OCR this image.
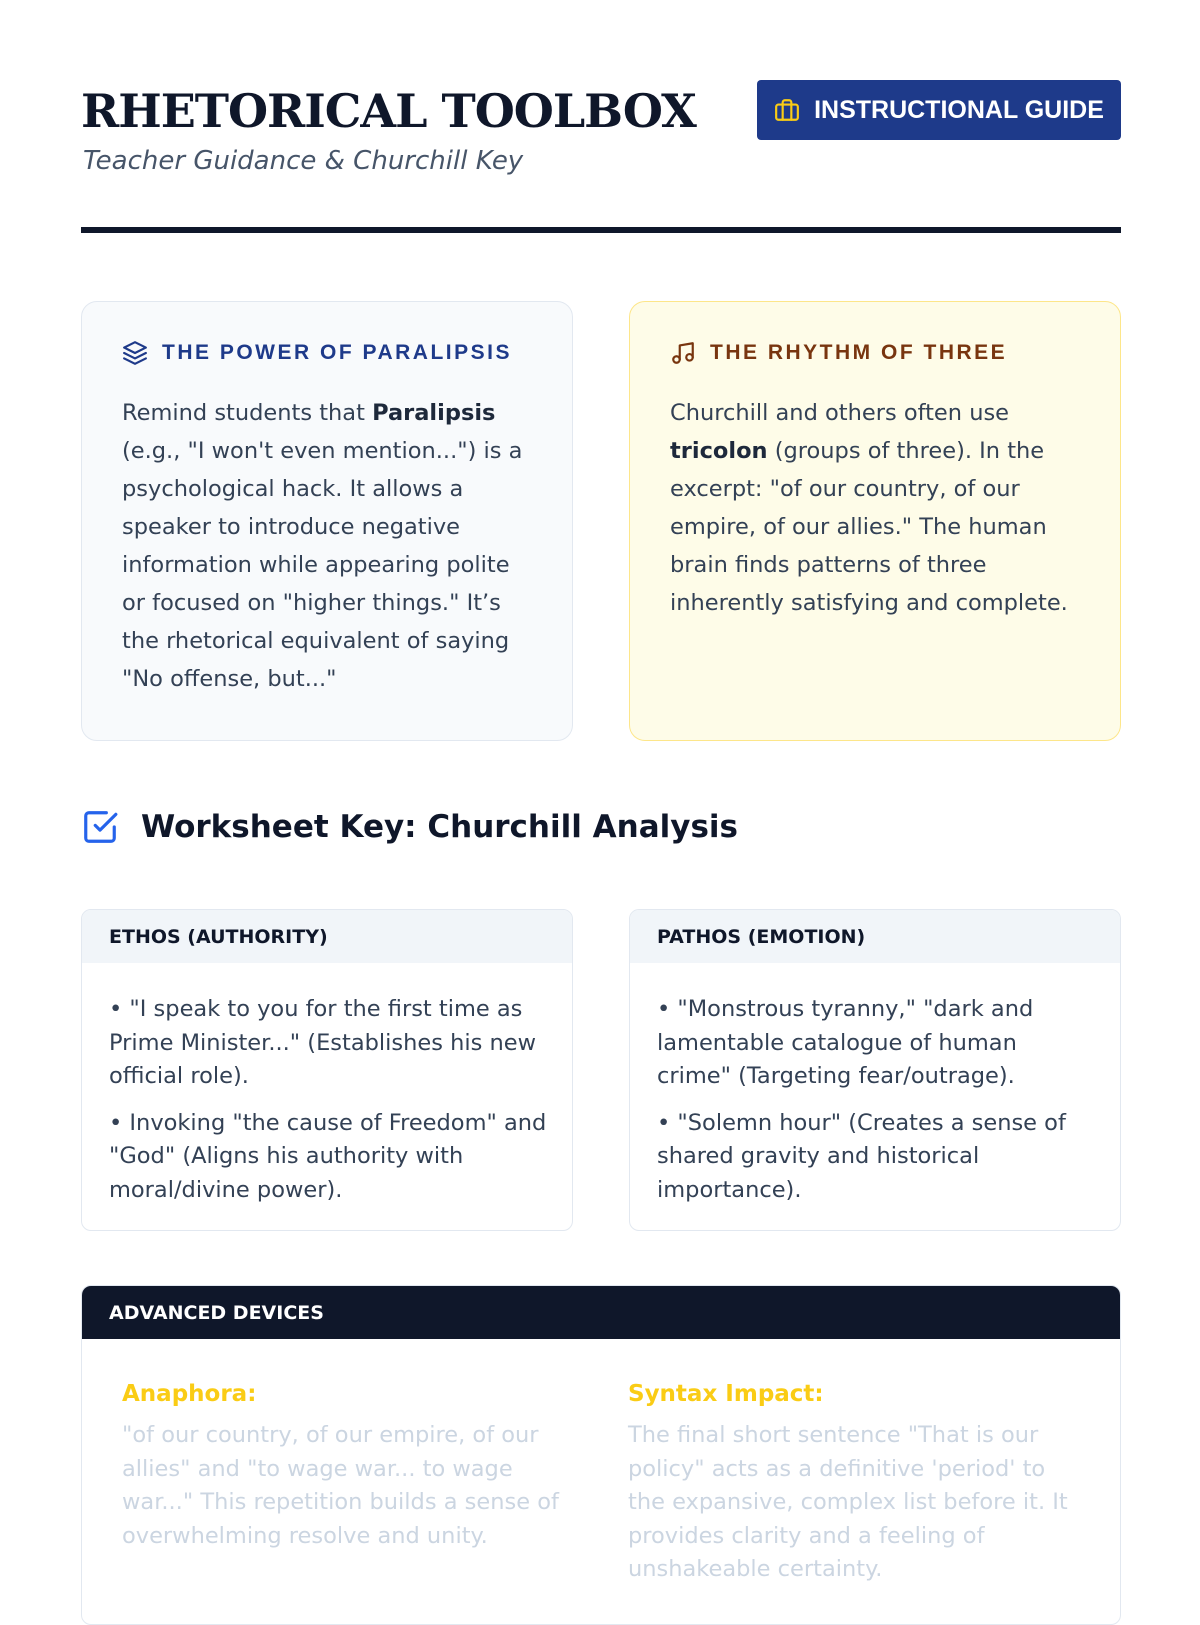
RHETORICAL TOOLBOX
Teacher Guidance & Churchill Key
INSTRUCTIONAL GUIDE
THE POWER OF PARALIPSIS

Remind students that Paralipsis (e.g., "I won't even mention...") is a psychological hack. It allows a speaker to introduce negative information while appearing polite or focused on "higher things." It’s the rhetorical equivalent of saying "No offense, but..."

THE RHYTHM OF THREE

Churchill and others often use tricolon (groups of three). In the excerpt: "of our country, of our empire, of our allies." The human brain finds patterns of three inherently satisfying and complete.

Worksheet Key: Churchill Analysis
ETHOS (AUTHORITY)
• "I speak to you for the first time as Prime Minister..." (Establishes his new official role).
• Invoking "the cause of Freedom" and "God" (Aligns his authority with moral/divine power).
PATHOS (EMOTION)
• "Monstrous tyranny," "dark and lamentable catalogue of human crime" (Targeting fear/outrage).
• "Solemn hour" (Creates a sense of shared gravity and historical importance).
ADVANCED DEVICES
Anaphora:

"of our country, of our empire, of our allies" and "to wage war... to wage war..." This repetition builds a sense of overwhelming resolve and unity.

Syntax Impact:

The final short sentence "That is our policy" acts as a definitive 'period' to the expansive, complex list before it. It provides clarity and a feeling of unshakeable certainty.
